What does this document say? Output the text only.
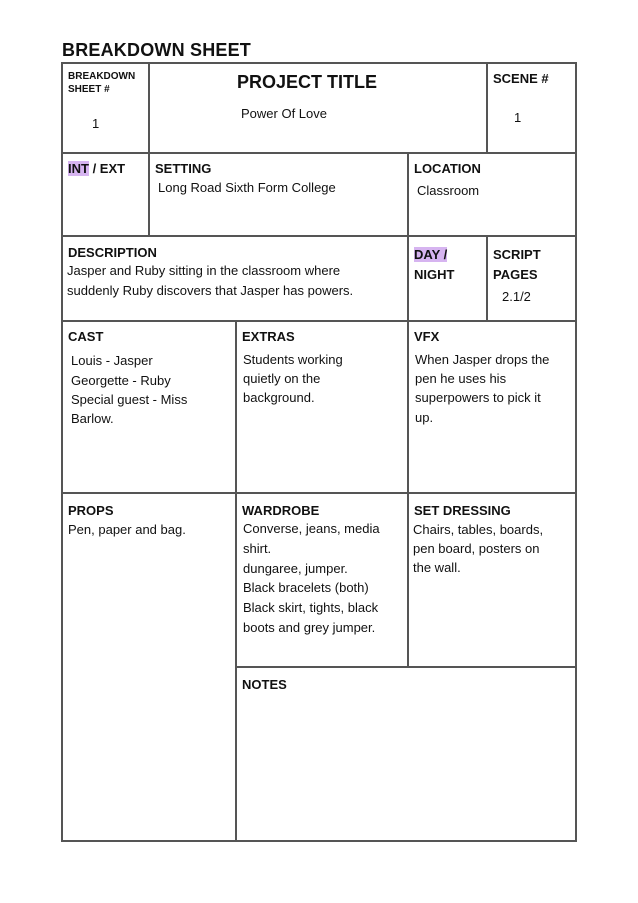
BREAKDOWN SHEET
BREAKDOWN
SHEET #
1
PROJECT TITLE
Power Of Love
SCENE #
1
INT / EXT SETTING
Long Road Sixth Form College
LOCATION
Classroom
DESCRIPTION
Jasper and Ruby sitting in the classroom where
suddenly Ruby discovers that Jasper has powers.
DAY /
NIGHT
SCRIPT
PAGES
2.1/2
CAST
Louis - Jasper
Georgette - Ruby
Special guest - Miss
Barlow.
EXTRAS
Students working
quietly on the
background.
VFX
When Jasper drops the
pen he uses his
superpowers to pick it
up.
PROPS
Pen, paper and bag.
WARDROBE
Converse, jeans, media
shirt.
dungaree, jumper.
Black bracelets (both)
Black skirt, tights, black
boots and grey jumper.
SET DRESSING
Chairs, tables, boards,
pen board, posters on
the wall.
NOTES
